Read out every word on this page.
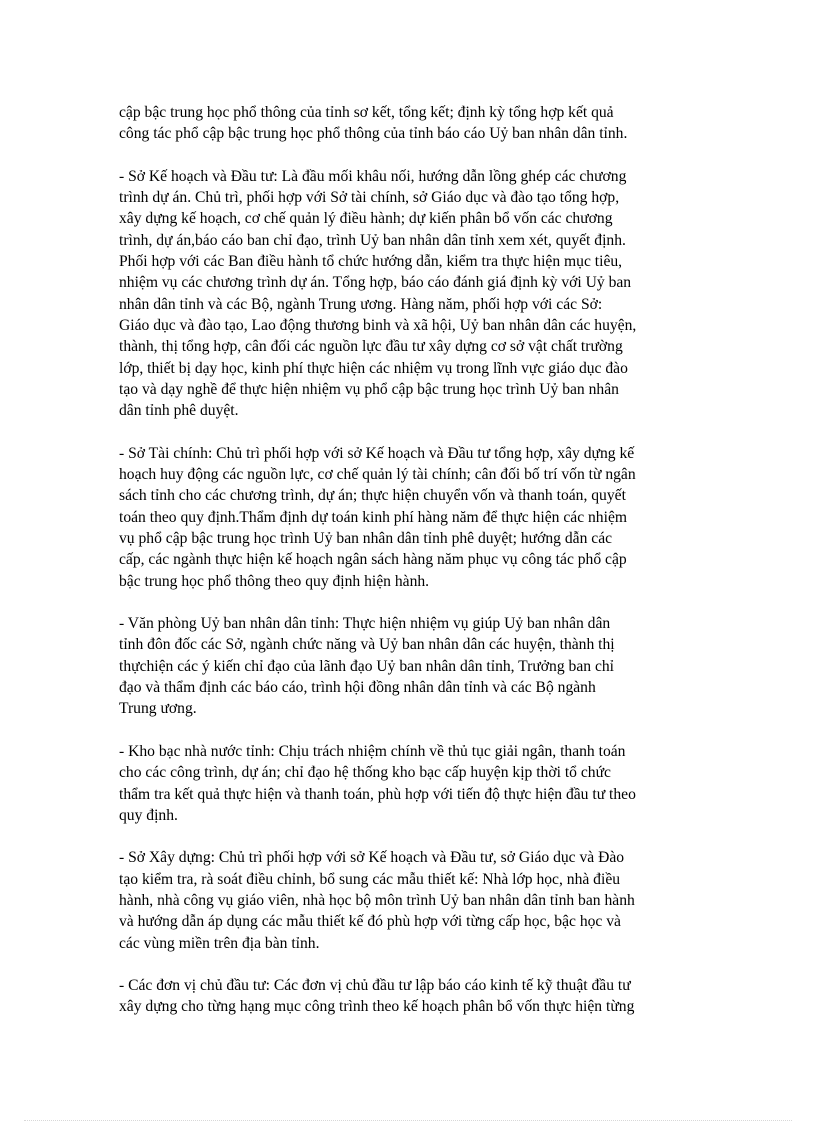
cập bậc trung học phổ thông của tỉnh sơ kết, tổng kết; định kỳ tổng hợp kết quả
công tác phổ cập bậc trung học phổ thông của tỉnh báo cáo Uỷ ban nhân dân tỉnh.

- Sở Kế hoạch và Đầu tư: Là đầu mối khâu nối, hướng dẫn lồng ghép các chương
trình dự án. Chủ trì, phối hợp với Sở tài chính, sở Giáo dục và đào tạo tổng hợp,
xây dựng kế hoạch, cơ chế quản lý điều hành; dự kiến phân bổ vốn các chương
trình, dự án,báo cáo ban chỉ đạo, trình Uỷ ban nhân dân tỉnh xem xét, quyết định.
Phối hợp với các Ban điều hành tổ chức hướng dẫn, kiểm tra thực hiện mục tiêu,
nhiệm vụ các chương trình dự án. Tổng hợp, báo cáo đánh giá định kỳ với Uỷ ban
nhân dân tỉnh và các Bộ, ngành Trung ương. Hàng năm, phối hợp với các Sở:
Giáo dục và đào tạo, Lao động thương binh và xã hội, Uỷ ban nhân dân các huyện,
thành, thị tổng hợp, cân đối các nguồn lực đầu tư xây dựng cơ sở vật chất trường
lớp, thiết bị dạy học, kinh phí thực hiện các nhiệm vụ trong lĩnh vực giáo dục đào
tạo và dạy nghề để thực hiện nhiệm vụ phổ cập bậc trung học trình Uỷ ban nhân
dân tỉnh phê duyệt.

- Sở Tài chính: Chủ trì phối hợp với sở Kế hoạch và Đầu tư tổng hợp, xây dựng kế
hoạch huy động các nguồn lực, cơ chế quản lý tài chính; cân đối bố trí vốn từ ngân
sách tỉnh cho các chương trình, dự án; thực hiện chuyển vốn và thanh toán, quyết
toán theo quy định.Thẩm định dự toán kinh phí hàng năm để thực hiện các nhiệm
vụ phổ cập bậc trung học trình Uỷ ban nhân dân tỉnh phê duyệt; hướng dẫn các
cấp, các ngành thực hiện kế hoạch ngân sách hàng năm phục vụ công tác phổ cập
bậc trung học phổ thông theo quy định hiện hành.

- Văn phòng Uỷ ban nhân dân tỉnh: Thực hiện nhiệm vụ giúp Uỷ ban nhân dân
tỉnh đôn đốc các Sở, ngành chức năng và Uỷ ban nhân dân các huyện, thành thị
thựchiện các ý kiến chỉ đạo của lãnh đạo Uỷ ban nhân dân tỉnh, Trưởng ban chỉ
đạo và thẩm định các báo cáo, trình hội đồng nhân dân tỉnh và các Bộ ngành
Trung ương.

- Kho bạc nhà nước tỉnh: Chịu trách nhiệm chính về thủ tục giải ngân, thanh toán
cho các công trình, dự án; chỉ đạo hệ thống kho bạc cấp huyện kịp thời tổ chức
thẩm tra kết quả thực hiện và thanh toán, phù hợp với tiến độ thực hiện đầu tư theo
quy định.

- Sở Xây dựng: Chủ trì phối hợp với sở Kế hoạch và Đầu tư, sở Giáo dục và Đào
tạo kiểm tra, rà soát điều chỉnh, bổ sung các mẫu thiết kế: Nhà lớp học, nhà điều
hành, nhà công vụ giáo viên, nhà học bộ môn trình Uỷ ban nhân dân tỉnh ban hành
và hướng dẫn áp dụng các mẫu thiết kế đó phù hợp với từng cấp học, bậc học và
các vùng miền trên địa bàn tỉnh.

- Các đơn vị chủ đầu tư: Các đơn vị chủ đầu tư lập báo cáo kinh tế kỹ thuật đầu tư
xây dựng cho từng hạng mục công trình theo kế hoạch phân bổ vốn thực hiện từng
